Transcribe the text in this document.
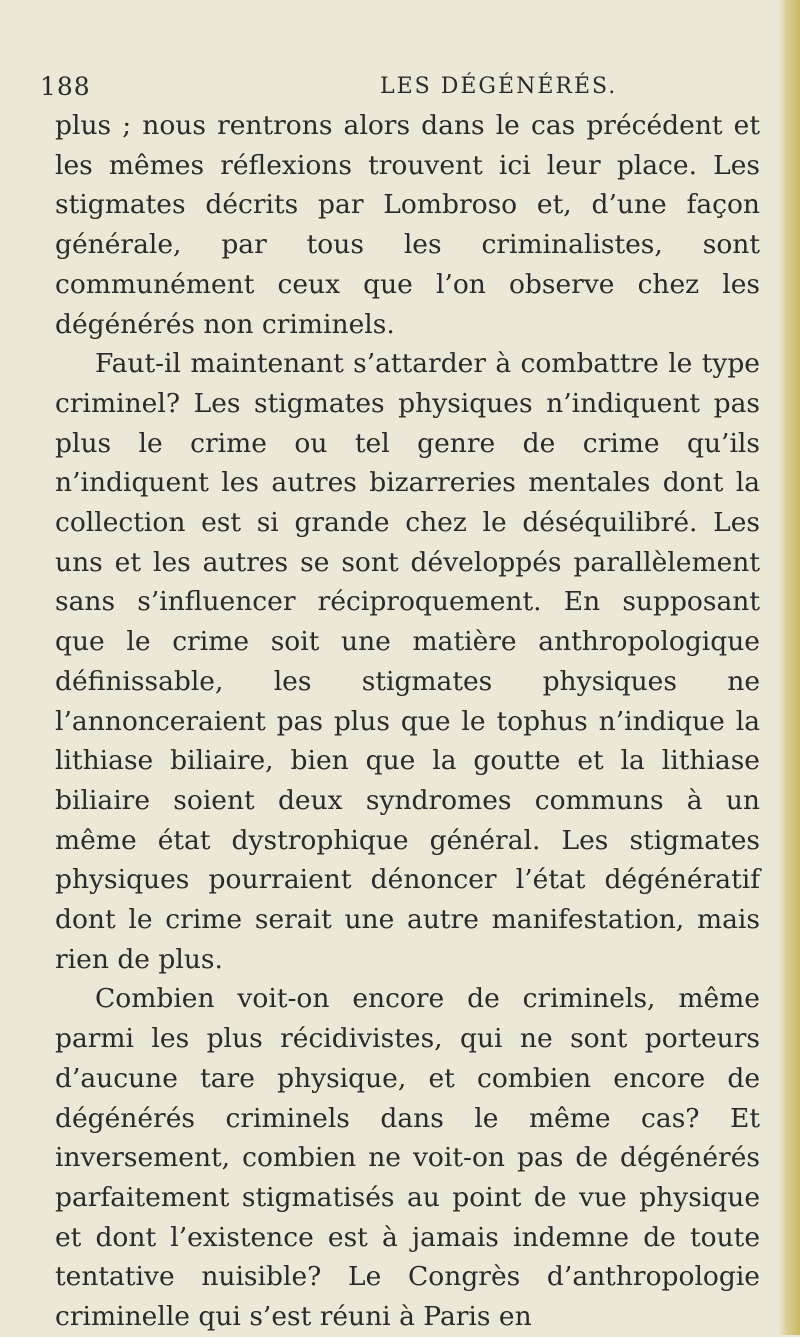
188	LES DÉGÉNÉRÉS.

plus ; nous rentrons alors dans le cas précédent et les mêmes réflexions trouvent ici leur place. Les stigmates décrits par Lombroso et, d’une façon générale, par tous les criminalistes, sont communément ceux que l’on observe chez les dégénérés non criminels.

Faut-il maintenant s’attarder à combattre le type criminel? Les stigmates physiques n’indiquent pas plus le crime ou tel genre de crime qu’ils n’indiquent les autres bizarreries mentales dont la collection est si grande chez le déséquilibré. Les uns et les autres se sont développés parallèlement sans s’influencer réciproquement. En supposant que le crime soit une matière anthropologique définissable, les stigmates physiques ne l’annonceraient pas plus que le tophus n’indique la lithiase biliaire, bien que la goutte et la lithiase biliaire soient deux syndromes communs à un même état dystrophique général. Les stigmates physiques pourraient dénoncer l’état dégénératif dont le crime serait une autre manifestation, mais rien de plus.

Combien voit-on encore de criminels, même parmi les plus récidivistes, qui ne sont porteurs d’aucune tare physique, et combien encore de dégénérés criminels dans le même cas? Et inversement, combien ne voit-on pas de dégénérés parfaitement stigmatisés au point de vue physique et dont l’existence est à jamais indemne de toute tentative nuisible? Le Congrès d’anthropologie criminelle qui s’est réuni à Paris en
